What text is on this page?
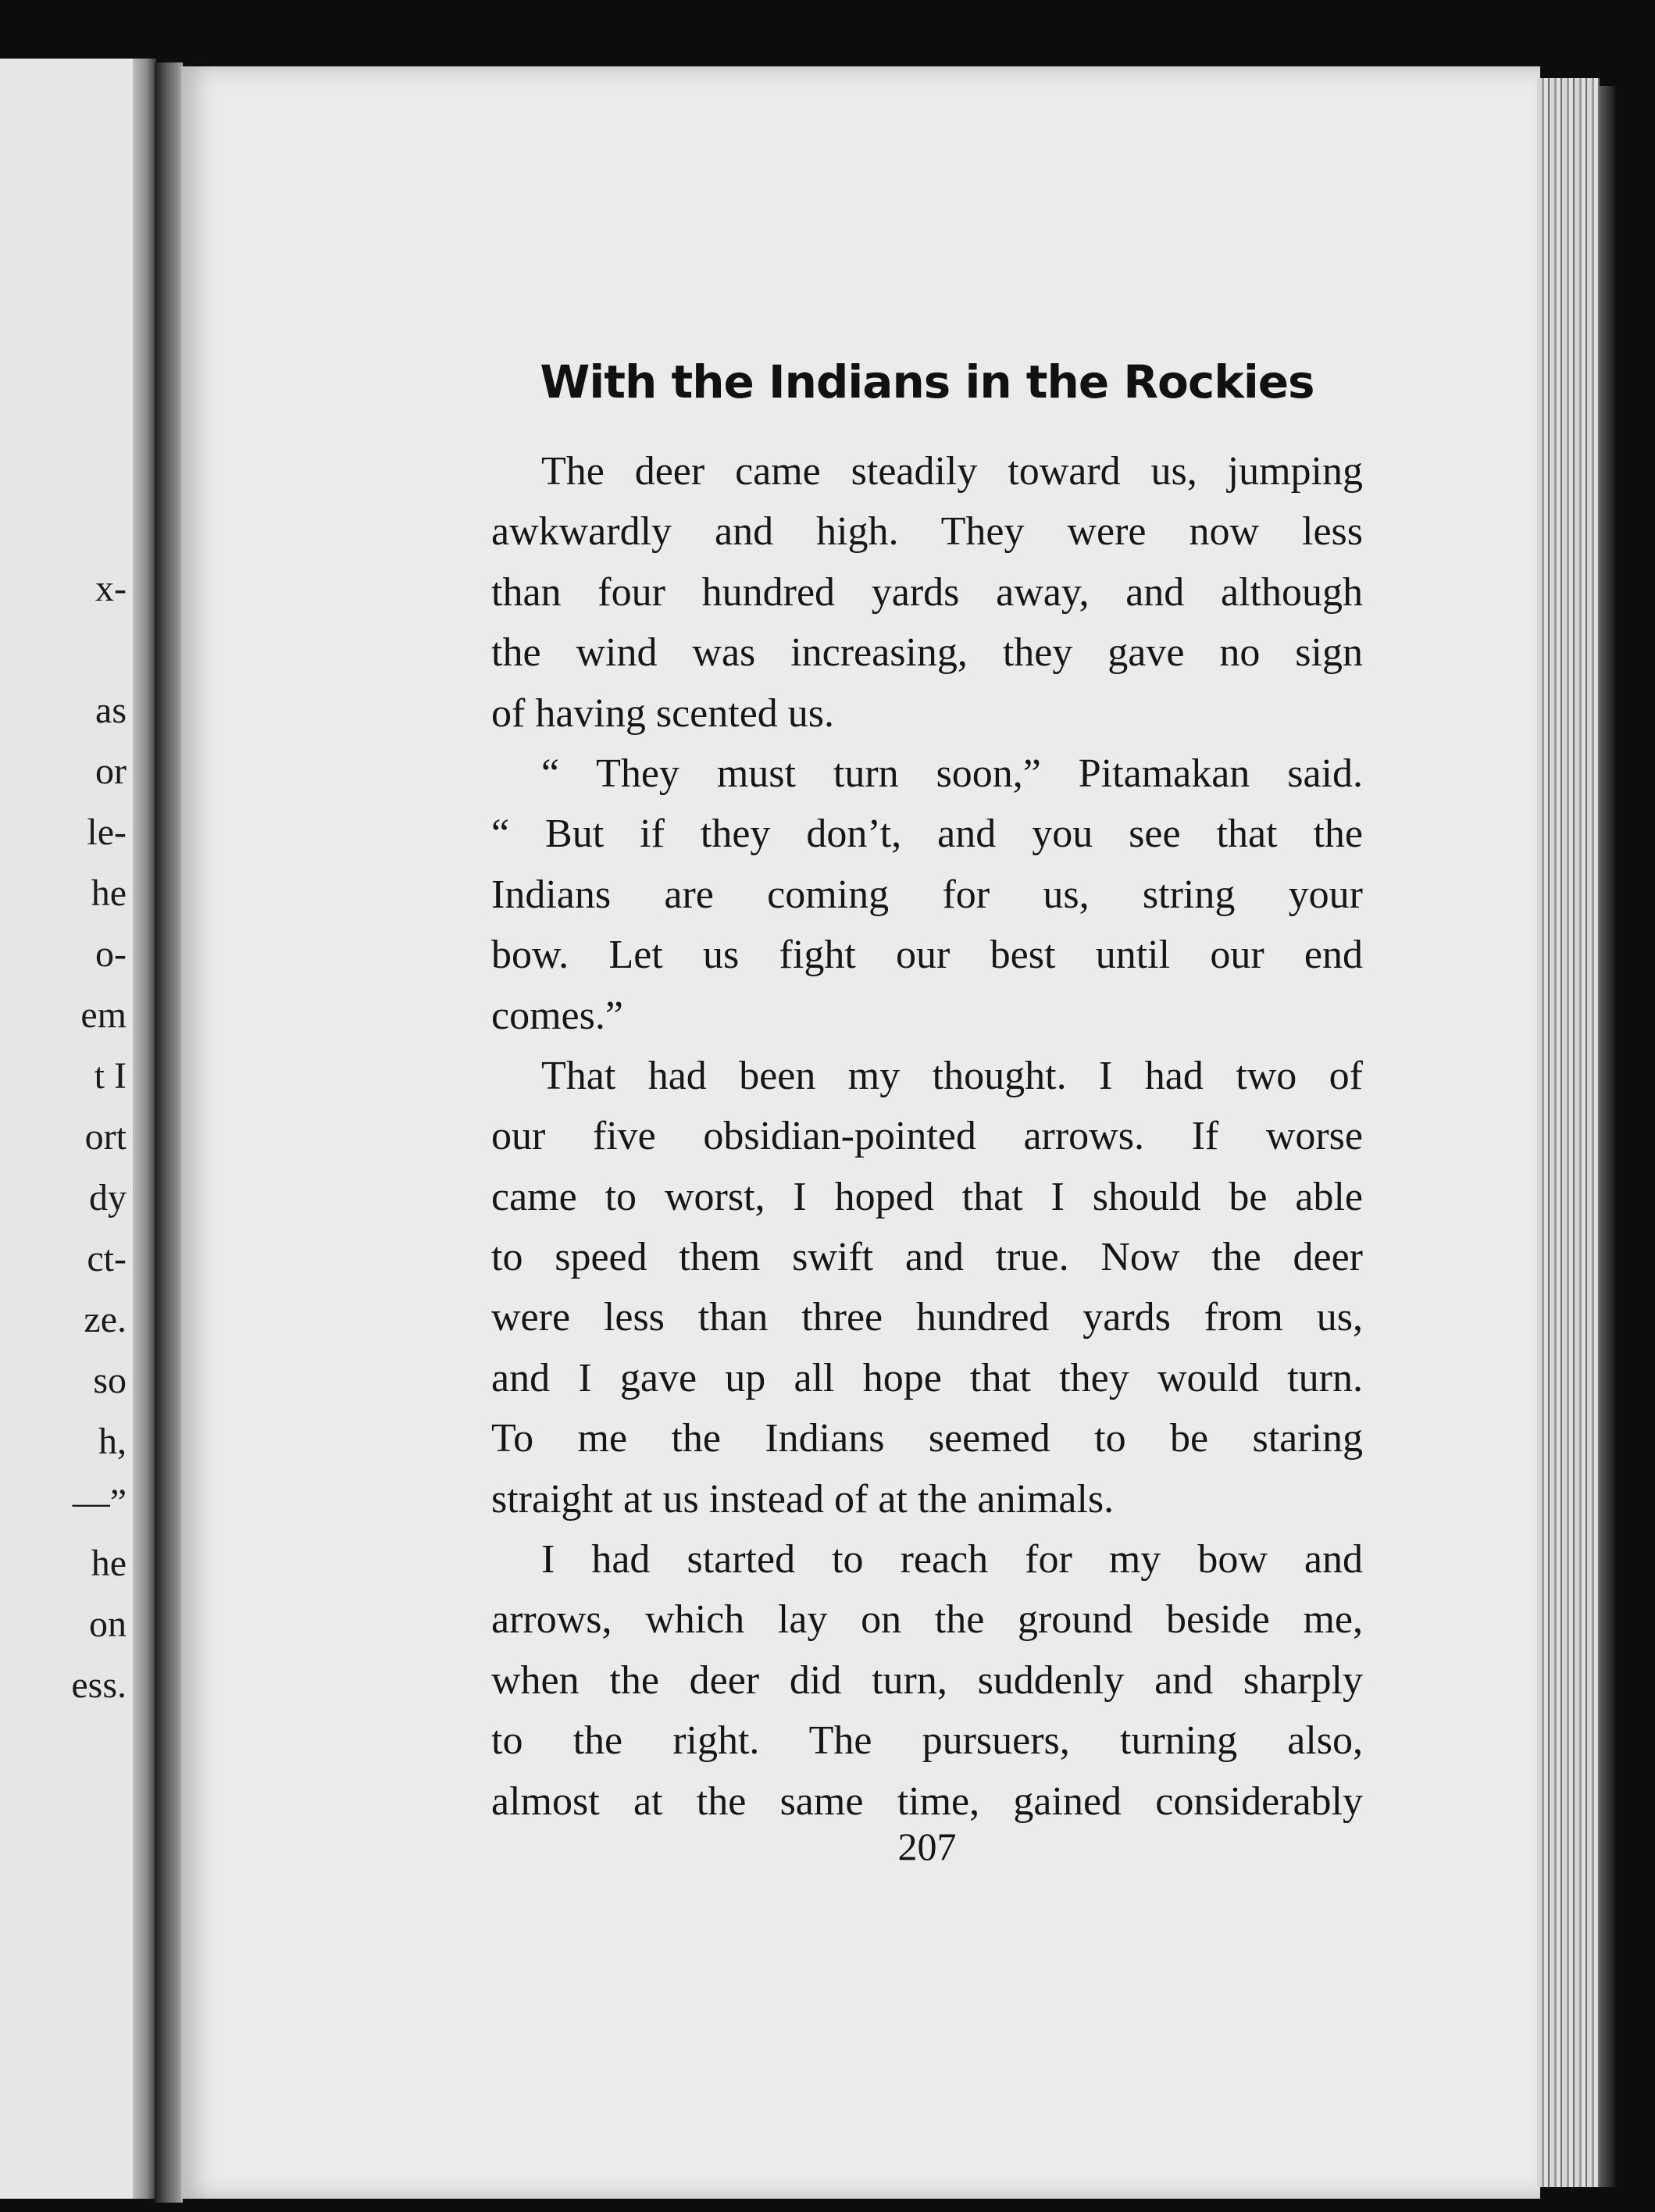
x-
as
or
le-
he
o-
em
t I
ort
dy
ct-
ze.
so
h,
—”
he
on
ess.
With the Indians in the Rockies
The deer came steadily toward us, jumping
awkwardly and high. They were now less
than four hundred yards away, and although
the wind was increasing, they gave no sign
of having scented us.
“ They must turn soon,” Pitamakan said.
“ But if they don’t, and you see that the
Indians are coming for us, string your
bow. Let us fight our best until our end
comes.”
That had been my thought. I had two of
our five obsidian-pointed arrows. If worse
came to worst, I hoped that I should be able
to speed them swift and true. Now the deer
were less than three hundred yards from us,
and I gave up all hope that they would turn.
To me the Indians seemed to be staring
straight at us instead of at the animals.
I had started to reach for my bow and
arrows, which lay on the ground beside me,
when the deer did turn, suddenly and sharply
to the right. The pursuers, turning also,
almost at the same time, gained considerably
207
